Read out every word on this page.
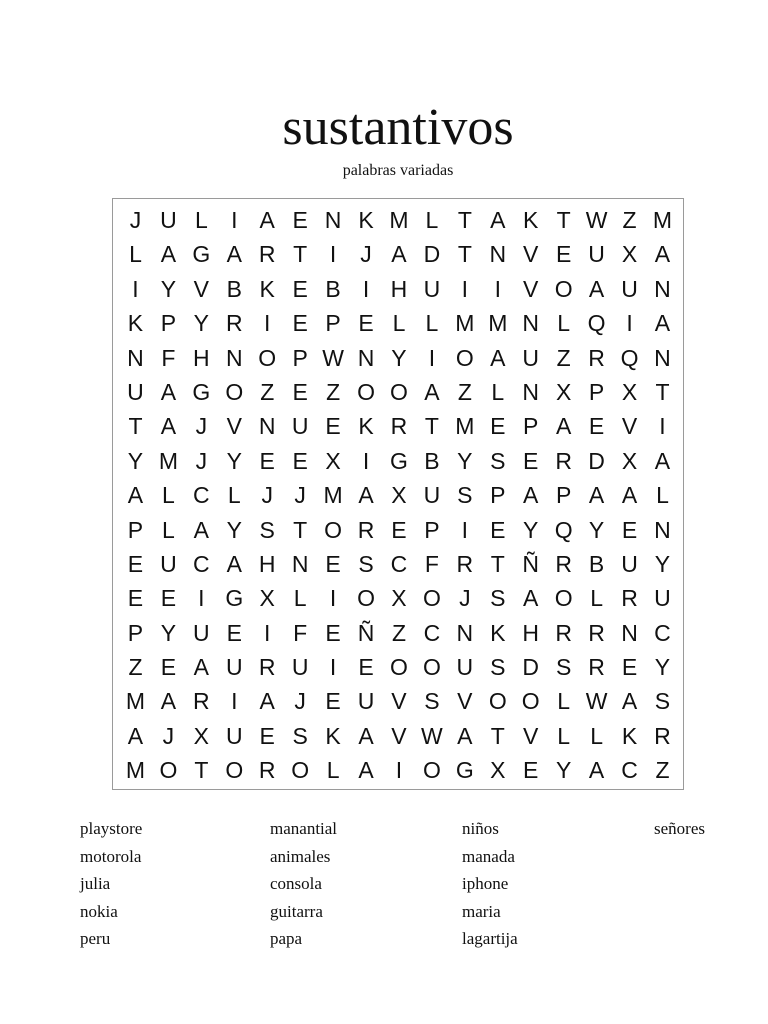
sustantivos
palabras variadas
J U L	I A E N K M L T A K T W Z M
L A G A R T I	J A D T N V E U X A
I Y V B K E B I H U I	I V O A U N
K P Y R I E P E L L M M N L Q I A
N F H N O P W N Y I O A U Z R Q N
U A G O Z E Z O O A Z L N X P X T
T A J V N U E K R T M E P A E V I
Y M J Y E E X I G B Y S E R D X A
A L C L J J M A X U S P A P A A L
P L A Y S T O R E P I E Y Q Y E N
E U C A H N E S C F R T Ñ R B U Y
E E I G X L	I O X O J S A O L R U
P Y U E I F E Ñ Z C N K H R R N C
Z E A U R U I E O O U S D S R E Y
M A R I A J E U V S V O O L W A S
A J X U E S K A V W A T V L L K R
M O T O R O L A I O G X E Y A C Z
playstore	manantial	niños	señores
motorola	animales	manada
julia	consola	iphone
nokia	guitarra	maria
peru	papa	lagartija
